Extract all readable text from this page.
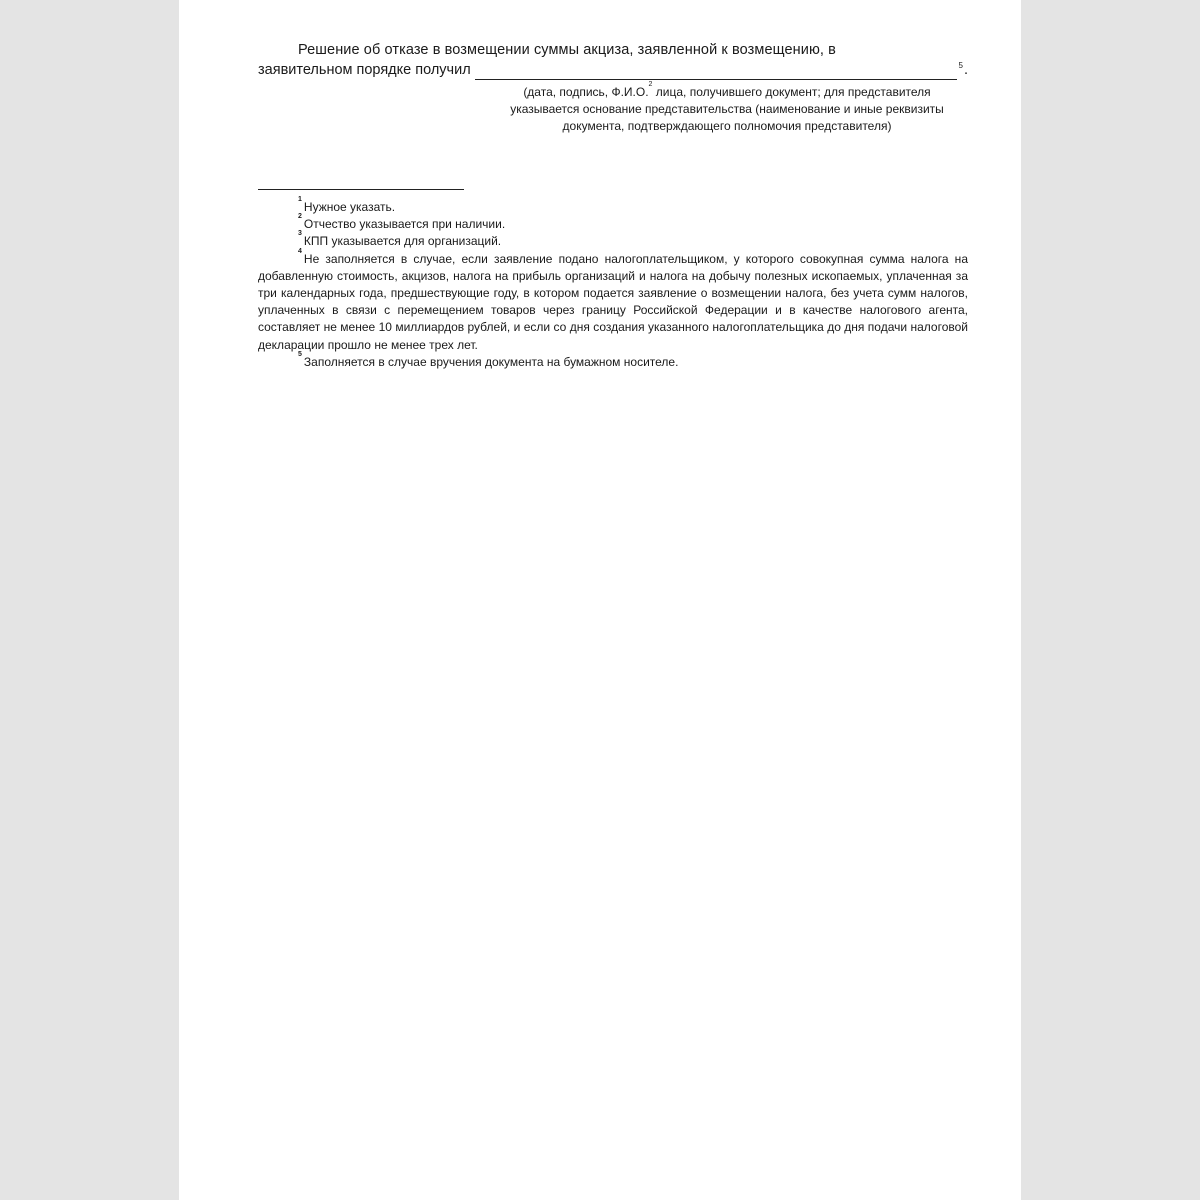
Решение об отказе в возмещении суммы акциза, заявленной к возмещению, в

заявительном порядке получил	$^5$ .

(дата, подпись, Ф.И.О.$^2$ лица, получившего документ; для представителя указывается основание представительства (наименование и иные реквизиты документа, подтверждающего полномочия представителя)

$^1$Нужное указать.

$^2$Отчество указывается при наличии.

$^3$КПП указывается для организаций.

$^4$Не заполняется в случае, если заявление подано налогоплательщиком, у которого совокупная сумма налога на добавленную стоимость, акцизов, налога на прибыль организаций и налога на добычу полезных ископаемых, уплаченная за три календарных года, предшествующие году, в котором подается заявление о возмещении налога, без учета сумм налогов, уплаченных в связи с перемещением товаров через границу Российской Федерации и в качестве налогового агента, составляет не менее 10 миллиардов рублей, и если со дня создания указанного налогоплательщика до дня подачи налоговой декларации прошло не менее трех лет.

$^5$Заполняется в случае вручения документа на бумажном носителе.
